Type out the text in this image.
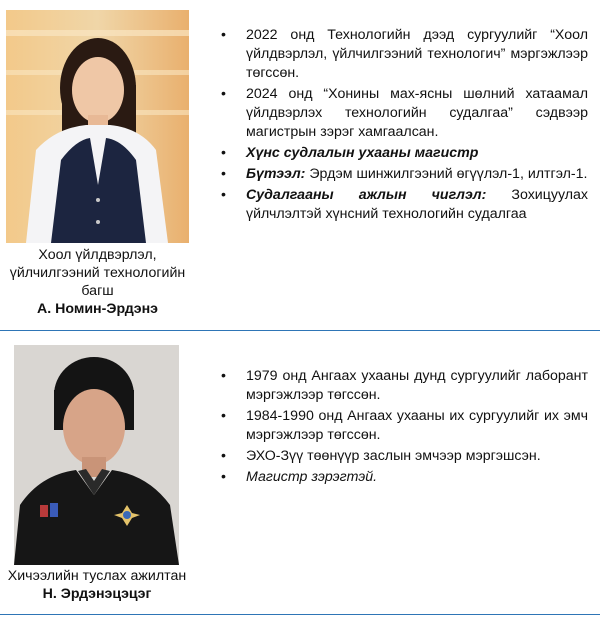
Хоол үйлдвэрлэл,
үйлчилгээний технологийн
багш
А. Номин-Эрдэнэ
• 2022 онд Технологийн дээд сургуулийг “Хоол үйлдвэрлэл, үйлчилгээний технологич” мэргэжлээр төгссөн.
• 2024 онд “Хонины мах-ясны шөлний хатаамал үйлдвэрлэх технологийн судалгаа” сэдвээр магистрын зэрэг хамгаалсан.
• Хүнс судлалын ухааны магистр
• Бүтээл: Эрдэм шинжилгээний өгүүлэл-1, илтгэл-1.
• Судалгааны ажлын чиглэл: Зохицуулах үйлчлэлтэй хүнсний технологийн судалгаа
Хичээлийн туслах ажилтан
Н. Эрдэнэцэцэг
• 1979 онд Ангаах ухааны дунд сургуулийг лаборант мэргэжлээр төгссөн.
• 1984-1990 онд Ангаах ухааны их сургуулийг их эмч мэргэжлээр төгссөн.
• ЭХО-Зүү төөнүүр заслын эмчээр мэргэшсэн.
• Магистр зэрэгтэй.
